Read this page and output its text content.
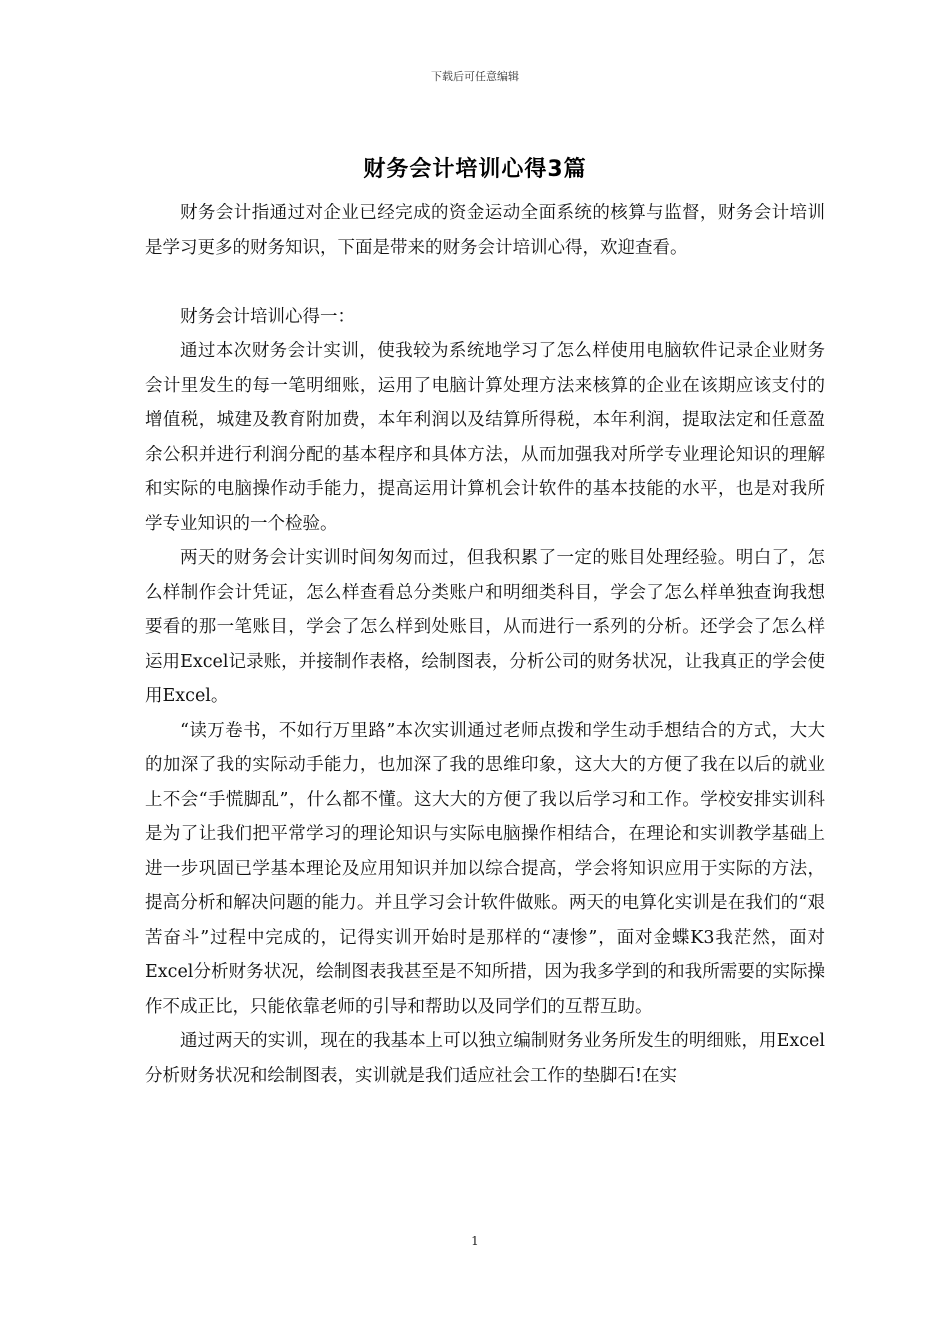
下载后可任意编辑
财务会计培训心得3篇

财务会计指通过对企业已经完成的资金运动全面系统的核算与监督，财务会计培训是学习更多的财务知识，下面是带来的财务会计培训心得，欢迎查看。

财务会计培训心得一：

通过本次财务会计实训，使我较为系统地学习了怎么样使用电脑软件记录企业财务会计里发生的每一笔明细账，运用了电脑计算处理方法来核算的企业在该期应该支付的增值税，城建及教育附加费，本年利润以及结算所得税，本年利润，提取法定和任意盈余公积并进行利润分配的基本程序和具体方法，从而加强我对所学专业理论知识的理解和实际的电脑操作动手能力，提高运用计算机会计软件的基本技能的水平，也是对我所学专业知识的一个检验。

两天的财务会计实训时间匆匆而过，但我积累了一定的账目处理经验。明白了，怎么样制作会计凭证，怎么样查看总分类账户和明细类科目，学会了怎么样单独查询我想要看的那一笔账目，学会了怎么样到处账目，从而进行一系列的分析。还学会了怎么样运用Excel记录账，并接制作表格，绘制图表，分析公司的财务状况，让我真正的学会使用Excel。

“读万卷书，不如行万里路”本次实训通过老师点拨和学生动手想结合的方式，大大的加深了我的实际动手能力，也加深了我的思维印象，这大大的方便了我在以后的就业上不会“手慌脚乱”，什么都不懂。这大大的方便了我以后学习和工作。学校安排实训科是为了让我们把平常学习的理论知识与实际电脑操作相结合，在理论和实训教学基础上进一步巩固已学基本理论及应用知识并加以综合提高，学会将知识应用于实际的方法，提高分析和解决问题的能力。并且学习会计软件做账。两天的电算化实训是在我们的“艰苦奋斗”过程中完成的，记得实训开始时是那样的“凄惨”，面对金蝶K3我茫然，面对Excel分析财务状况，绘制图表我甚至是不知所措，因为我多学到的和我所需要的实际操作不成正比，只能依靠老师的引导和帮助以及同学们的互帮互助。

通过两天的实训，现在的我基本上可以独立编制财务业务所发生的明细账，用Excel分析财务状况和绘制图表，实训就是我们适应社会工作的垫脚石!在实

1
